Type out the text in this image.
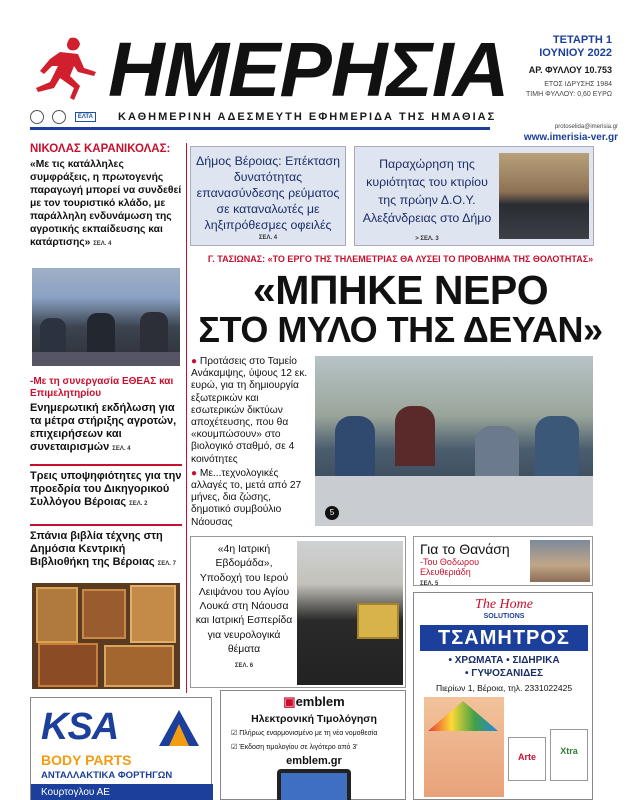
ΗΜΕΡΗΣΙΑ	ΤΕΤΑΡΤΗ 1
ΙΟΥΝΙΟΥ 2022
ΑΡ. ΦΥΛΛΟΥ 10.753
ΕΤΟΣ ΙΔΡΥΣΗΣ 1984
ΤΙΜΗ ΦΥΛΛΟΥ: 0,60 ΕΥΡΩ
ΕΛΤΑ	ΚΑΘΗΜΕΡΙΝΗ ΑΔΕΣΜΕΥΤΗ ΕΦΗΜΕΡΙΔΑ ΤΗΣ ΗΜΑΘΙΑΣ
protoselida@imerisia.gr
www.imerisia-ver.gr
ΝΙΚΟΛΑΣ ΚΑΡΑΝΙΚΟΛΑΣ:
«Με τις κατάλληλες συμφράξεις, η πρωτογενής παραγωγή μπορεί να συνδεθεί με τον τουριστικό κλάδο, με παράλληλη ενδυνάμωση της αγροτικής εκπαίδευσης και κατάρτισης» ΣΕΛ. 4
-Με τη συνεργασία ΕΘΕΑΣ και Επιμελητηρίου
Ενημερωτική εκδήλωση για τα μέτρα στήριξης αγροτών, επιχειρήσεων και συνεταιρισμών ΣΕΛ. 4
Τρεις υποψηφιότητες για την προεδρία του Δικηγορικού Συλλόγου Βέροιας ΣΕΛ. 2
Σπάνια βιβλία τέχνης στη Δημόσια Κεντρική Βιβλιοθήκη της Βέροιας ΣΕΛ. 7
Δήμος Βέροιας: Επέκταση δυνατότητας επανασύνδεσης ρεύματος σε καταναλωτές με ληξιπρόθεσμες οφειλές
ΣΕΛ. 4
Παραχώρηση της κυριότητας του κτιρίου της πρώην Δ.Ο.Υ. Αλεξάνδρειας στο Δήμο > ΣΕΛ. 3
Γ. ΤΑΣΙΩΝΑΣ: «ΤΟ ΕΡΓΟ ΤΗΣ ΤΗΛΕΜΕΤΡΙΑΣ ΘΑ ΛΥΣΕΙ ΤΟ ΠΡΟΒΛΗΜΑ ΤΗΣ ΘΟΛΟΤΗΤΑΣ»
«ΜΠΗΚΕ ΝΕΡΟ
ΣΤΟ ΜΥΛΟ ΤΗΣ ΔΕΥΑΝ»
● Προτάσεις στο Ταμείο Ανάκαμψης, ύψους 12 εκ. ευρώ, για τη δημιουργία εξωτερικών και εσωτερικών δικτύων αποχέτευσης, που θα «κουμπώσουν» στο βιολογικό σταθμό, σε 4 κοινότητες
● Με...τεχνολογικές αλλαγές το, μετά από 27 μήνες, δια ζώσης, δημοτικό συμβούλιο Νάουσας
5
«4η Ιατρική Εβδομάδα», Υποδοχή του Ιερού Λειψάνου του Αγίου Λουκά στη Νάουσα και Ιατρική Εσπερίδα για νευρολογικά θέματα
ΣΕΛ. 6
Για το Θανάση
-Του Θοδωρου Ελευθεριάδη
ΣΕΛ. 5
The Home
SOLUTIONS
ΤΣΑΜΗΤΡΟΣ
• ΧΡΩΜΑΤΑ • ΣΙΔΗΡΙΚΑ
• ΓΥΨΟΣΑΝΙΔΕΣ
Πιερίων 1, Βέροια, τηλ. 2331022425
Arte
Xtra
KSA
BODY PARTS
ΑΝΤΑΛΛΑΚΤΙΚΑ ΦΟΡΤΗΓΩΝ
Κουρτογλου ΑΕ
▣emblem
Ηλεκτρονική Τιμολόγηση
☑ Πλήρως εναρμονισμένο με τη νέα νομοθεσία
☑ Έκδοση τιμολογίου σε λιγότερο από 3'
emblem.gr
